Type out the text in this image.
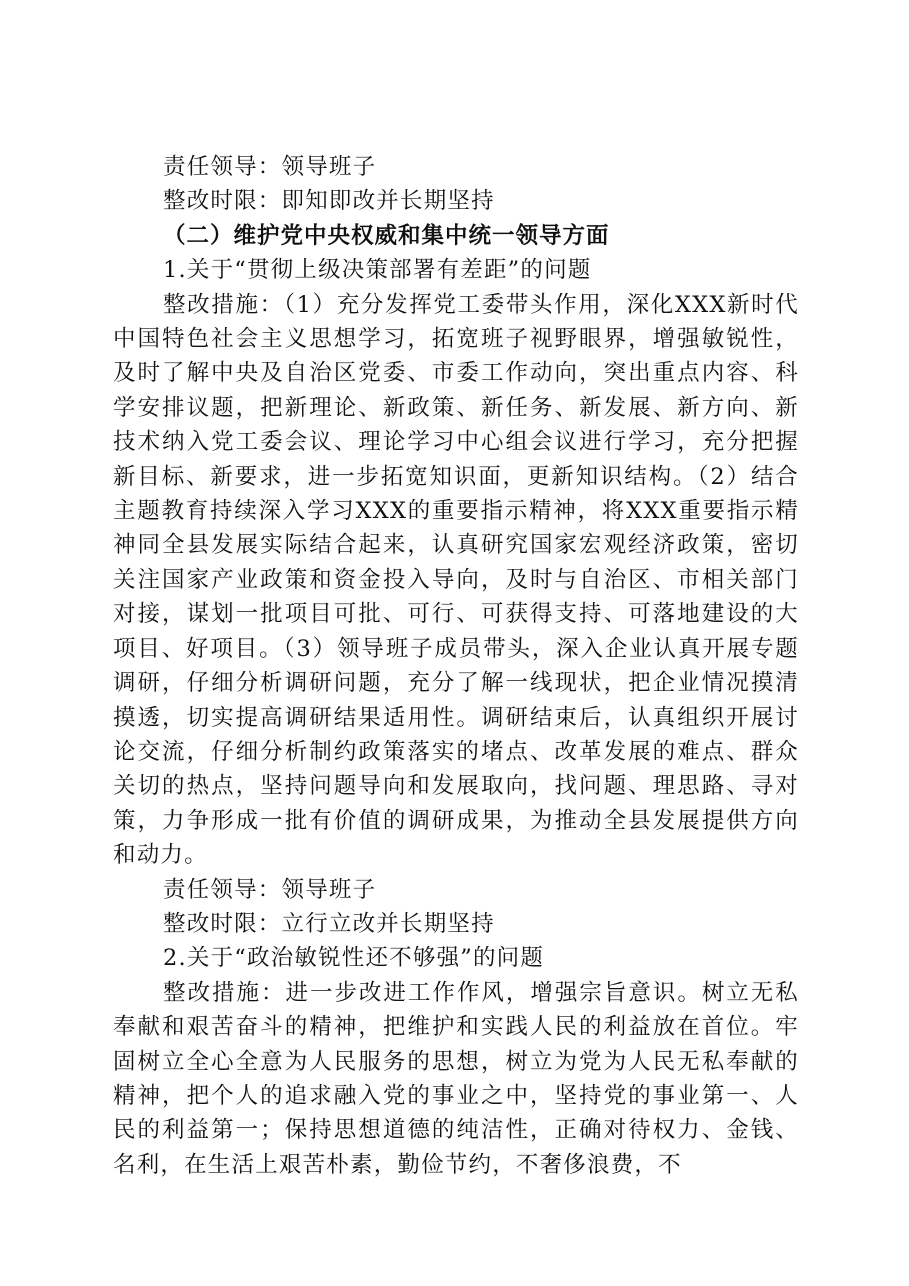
责任领导：领导班子

整改时限：即知即改并长期坚持

（二）维护党中央权威和集中统一领导方面

1.关于“贯彻上级决策部署有差距”的问题

整改措施：（1）充分发挥党工委带头作用，深化XXX新时代中国特色社会主义思想学习，拓宽班子视野眼界，增强敏锐性，及时了解中央及自治区党委、市委工作动向，突出重点内容、科学安排议题，把新理论、新政策、新任务、新发展、新方向、新技术纳入党工委会议、理论学习中心组会议进行学习，充分把握新目标、新要求，进一步拓宽知识面，更新知识结构。（2）结合主题教育持续深入学习XXX的重要指示精神，将XXX重要指示精神同全县发展实际结合起来，认真研究国家宏观经济政策，密切关注国家产业政策和资金投入导向，及时与自治区、市相关部门对接，谋划一批项目可批、可行、可获得支持、可落地建设的大项目、好项目。（3）领导班子成员带头，深入企业认真开展专题调研，仔细分析调研问题，充分了解一线现状，把企业情况摸清摸透，切实提高调研结果适用性。调研结束后，认真组织开展讨论交流，仔细分析制约政策落实的堵点、改革发展的难点、群众关切的热点，坚持问题导向和发展取向，找问题、理思路、寻对策，力争形成一批有价值的调研成果，为推动全县发展提供方向和动力。

责任领导：领导班子

整改时限：立行立改并长期坚持

2.关于“政治敏锐性还不够强”的问题

整改措施：进一步改进工作作风，增强宗旨意识。树立无私奉献和艰苦奋斗的精神，把维护和实践人民的利益放在首位。牢固树立全心全意为人民服务的思想，树立为党为人民无私奉献的精神，把个人的追求融入党的事业之中，坚持党的事业第一、人民的利益第一；保持思想道德的纯洁性，正确对待权力、金钱、名利，在生活上艰苦朴素，勤俭节约，不奢侈浪费，不
